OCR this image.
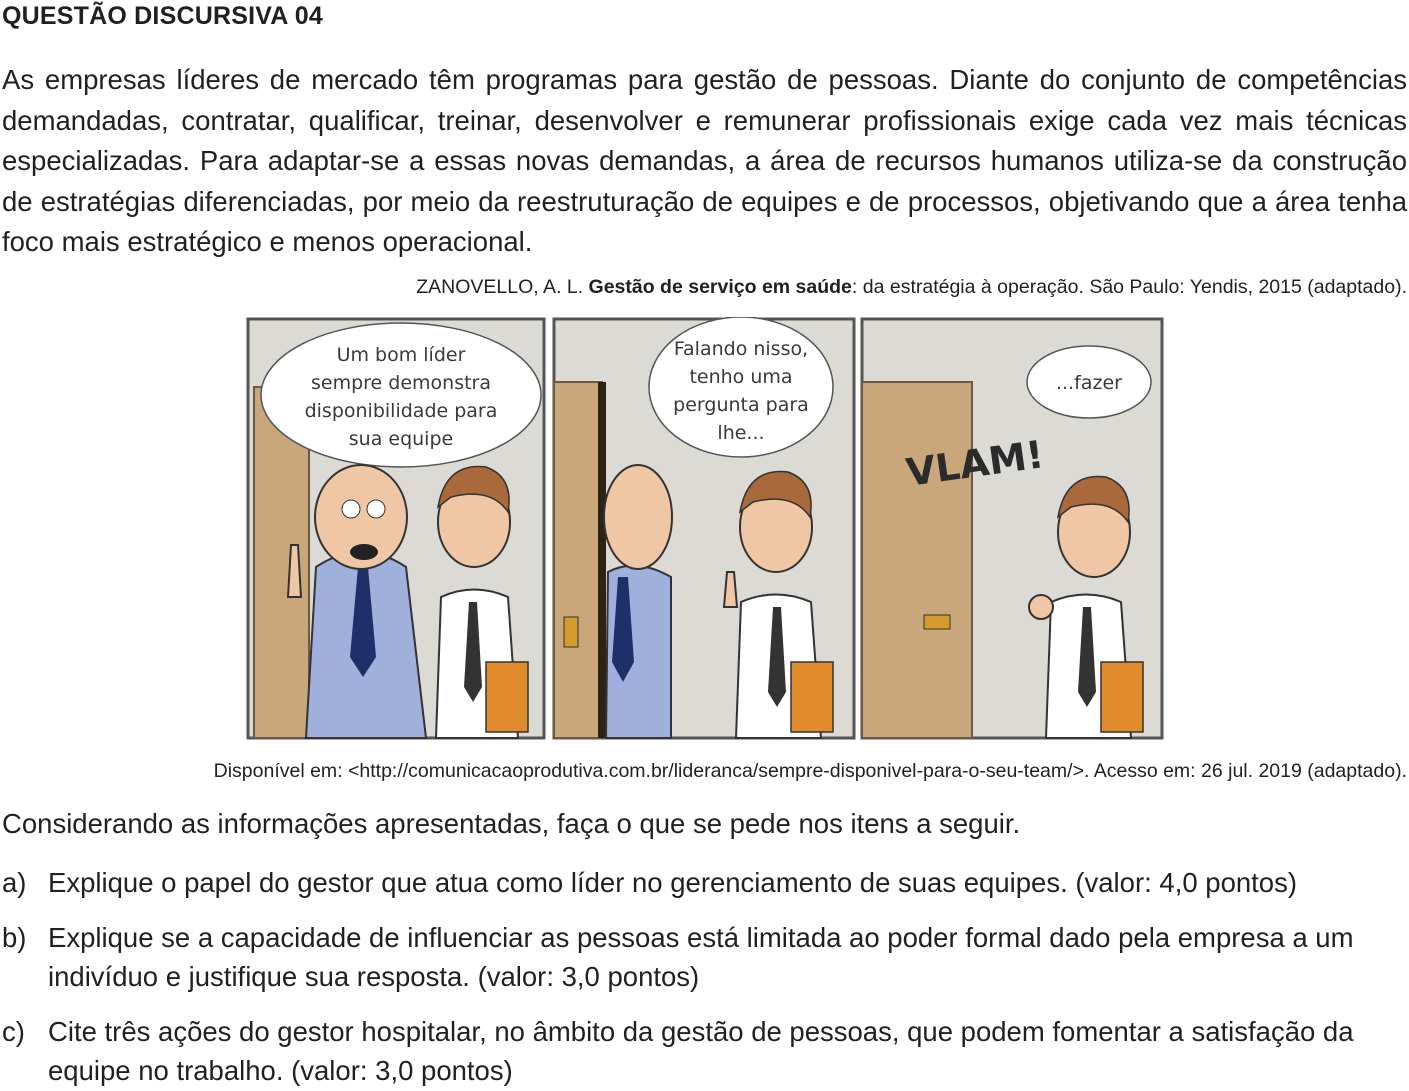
QUESTÃO DISCURSIVA 04
As empresas líderes de mercado têm programas para gestão de pessoas. Diante do conjunto de competências demandadas, contratar, qualificar, treinar, desenvolver e remunerar profissionais exige cada vez mais técnicas especializadas. Para adaptar-se a essas novas demandas, a área de recursos humanos utiliza-se da construção de estratégias diferenciadas, por meio da reestruturação de equipes e de processos, objetivando que a área tenha foco mais estratégico e menos operacional.
ZANOVELLO, A. L. Gestão de serviço em saúde: da estratégia à operação. São Paulo: Yendis, 2015 (adaptado).
Um bom líder sempre demonstra disponibilidade para sua equipe
Falando nisso, tenho uma pergunta para lhe...	VLAM!
...fazer
Disponível em: <http://comunicacaoprodutiva.com.br/lideranca/sempre-disponivel-para-o-seu-team/>. Acesso em: 26 jul. 2019 (adaptado).
Considerando as informações apresentadas, faça o que se pede nos itens a seguir.
a) Explique o papel do gestor que atua como líder no gerenciamento de suas equipes. (valor: 4,0 pontos)
b) Explique se a capacidade de influenciar as pessoas está limitada ao poder formal dado pela empresa a um indivíduo e justifique sua resposta. (valor: 3,0 pontos)
c) Cite três ações do gestor hospitalar, no âmbito da gestão de pessoas, que podem fomentar a satisfação da equipe no trabalho. (valor: 3,0 pontos)
